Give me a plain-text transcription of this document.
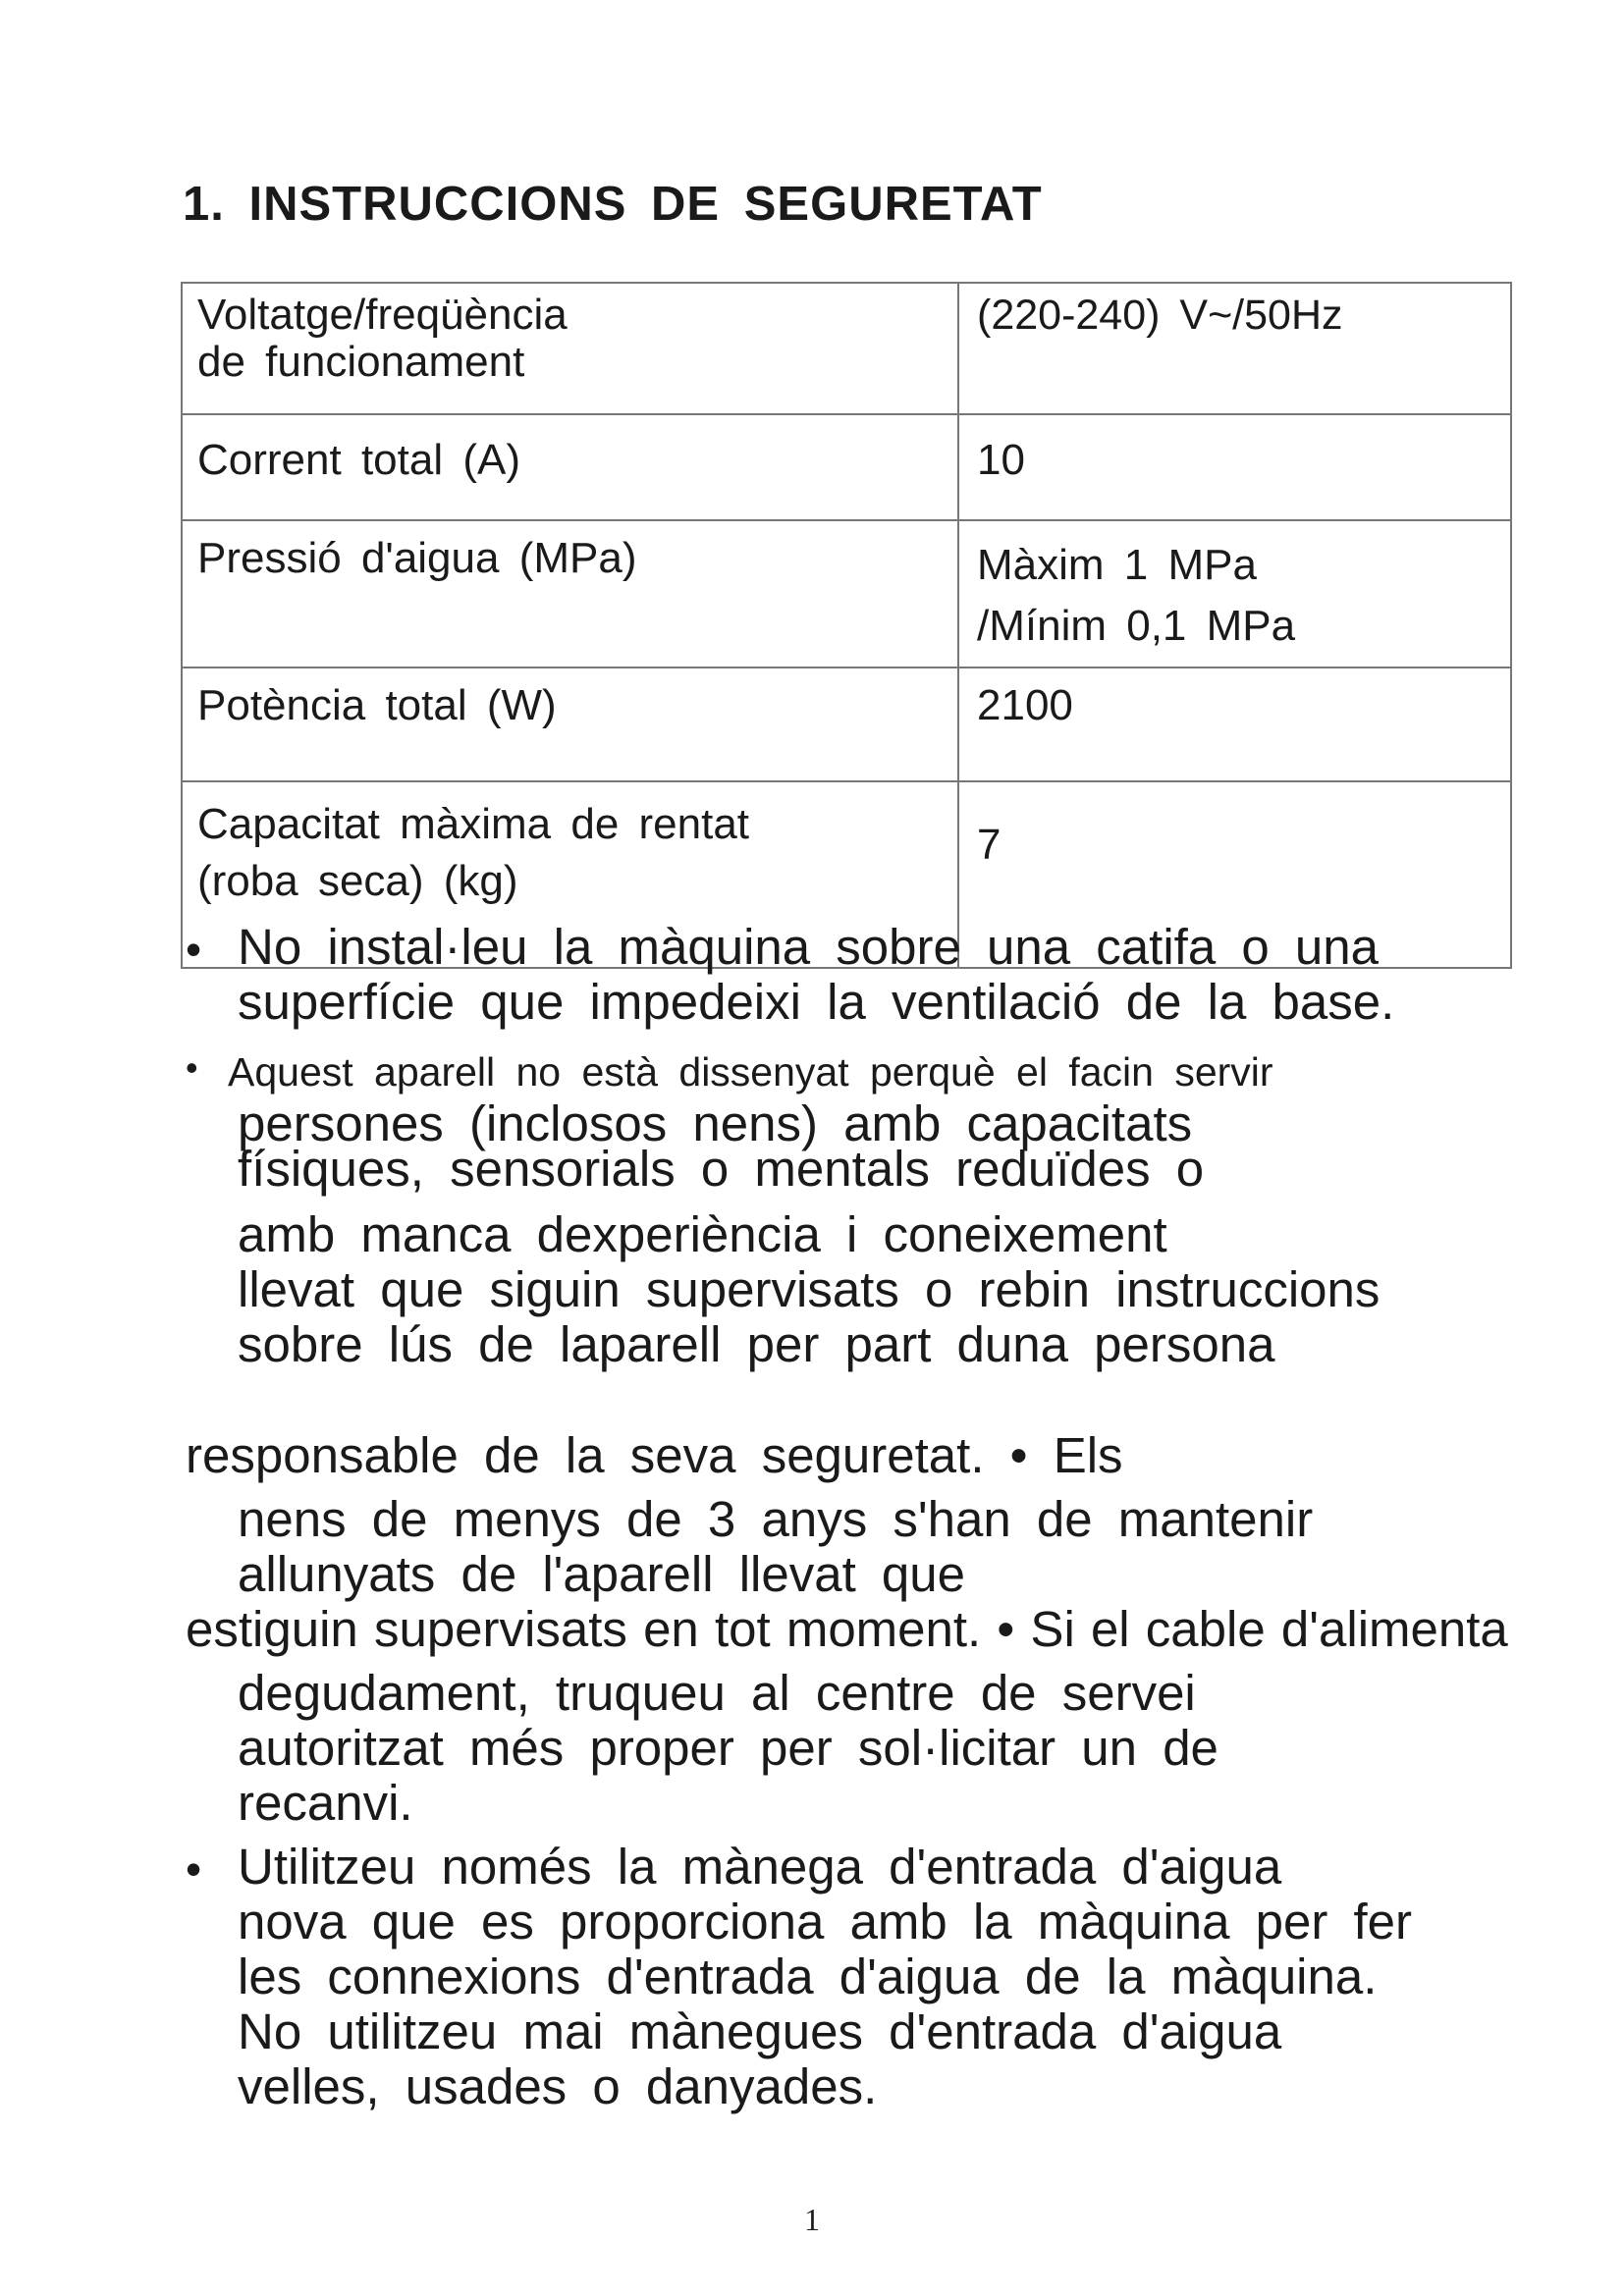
1. INSTRUCCIONS DE SEGURETAT
Voltatge/freqüència
de funcionament	(220-240) V~/50Hz
Corrent total (A)	10
Pressió d'aigua (MPa)	Màxim 1 MPa
/Mínim 0,1 MPa
Potència total (W)	2100
Capacitat màxima de rentat
(roba seca) (kg)	7
• No instal·leu la màquina sobre una catifa o una
superfície que impedeixi la ventilació de la base.
• Aquest aparell no està dissenyat perquè el facin servir
persones (inclosos nens) amb capacitats
físiques, sensorials o mentals reduïdes o
amb manca dexperiència i coneixement
llevat que siguin supervisats o rebin instruccions
sobre lús de laparell per part duna persona
responsable de la seva seguretat. • Els
nens de menys de 3 anys s'han de mantenir
allunyats de l'aparell llevat que
estiguin supervisats en tot moment. • Si el cable d'alimenta
degudament, truqueu al centre de servei
autoritzat més proper per sol·licitar un de
recanvi.
• Utilitzeu només la mànega d'entrada d'aigua
nova que es proporciona amb la màquina per fer
les connexions d'entrada d'aigua de la màquina.
No utilitzeu mai mànegues d'entrada d'aigua
velles, usades o danyades.
1
